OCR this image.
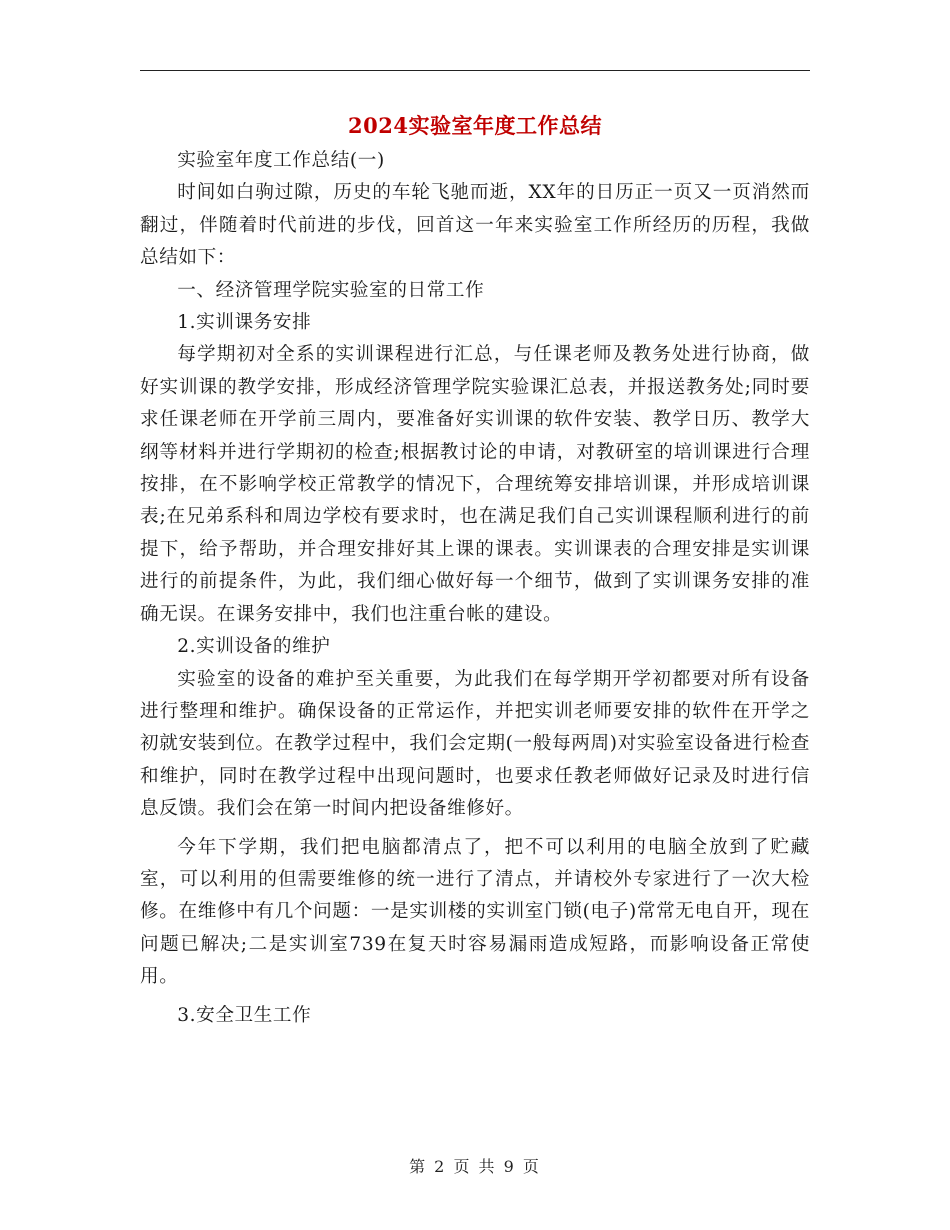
2024实验室年度工作总结

实验室年度工作总结(一)

时间如白驹过隙，历史的车轮飞驰而逝，XX年的日历正一页又一页消然而翻过，伴随着时代前进的步伐，回首这一年来实验室工作所经历的历程，我做总结如下：

一、经济管理学院实验室的日常工作

1.实训课务安排

每学期初对全系的实训课程进行汇总，与任课老师及教务处进行协商，做好实训课的教学安排，形成经济管理学院实验课汇总表，并报送教务处;同时要求任课老师在开学前三周内，要准备好实训课的软件安装、教学日历、教学大纲等材料并进行学期初的检查;根据教讨论的申请，对教研室的培训课进行合理按排，在不影响学校正常教学的情况下，合理统筹安排培训课，并形成培训课表;在兄弟系科和周边学校有要求时，也在满足我们自己实训课程顺利进行的前提下，给予帮助，并合理安排好其上课的课表。实训课表的合理安排是实训课进行的前提条件，为此，我们细心做好每一个细节，做到了实训课务安排的准确无误。在课务安排中，我们也注重台帐的建设。

2.实训设备的维护

实验室的设备的难护至关重要，为此我们在每学期开学初都要对所有设备进行整理和维护。确保设备的正常运作，并把实训老师要安排的软件在开学之初就安装到位。在教学过程中，我们会定期(一般每两周)对实验室设备进行检查和维护，同时在教学过程中出现问题时，也要求任教老师做好记录及时进行信息反馈。我们会在第一时间内把设备维修好。

今年下学期，我们把电脑都清点了，把不可以利用的电脑全放到了贮藏室，可以利用的但需要维修的统一进行了清点，并请校外专家进行了一次大检修。在维修中有几个问题：一是实训楼的实训室门锁(电子)常常无电自开，现在问题已解决;二是实训室739在复天时容易漏雨造成短路，而影响设备正常使用。

3.安全卫生工作

第 2 页 共 9 页
